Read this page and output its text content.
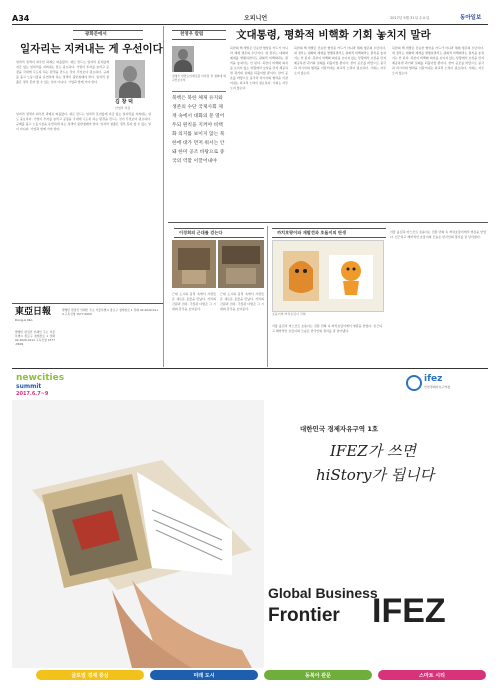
A34	오피니언	2017년 5월 31일 수요일	동아일보
광화문에서
일자리는 지켜내는 게 우선이다
일자리 정책이 최우선 과제로 떠올랐다. 새로 만드는 일자리 못지않게 지금 있는 일자리를 지켜내는 일도 중요하다. 기업이 투자를 늘리고 공장을 국내에 두도록 하는 환경을 만드는 것이 무엇보다 필요하다. 규제를 풀고 노동시장을 유연하게 하는 정책이 뒷받침돼야 한다. 일자리 창출은 정부 혼자 할 수 있는 일이 아니다. 기업과 함께 가야 한다.
김 창 덕
산업부 차장
일자리 정책이 최우선 과제로 떠올랐다. 새로 만드는 일자리 못지않게 지금 있는 일자리를 지켜내는 일도 중요하다. 기업이 투자를 늘리고 공장을 국내에 두도록 하는 환경을 만드는 것이 무엇보다 필요하다. 규제를 풀고 노동시장을 유연하게 하는 정책이 뒷받침돼야 한다. 일자리 창출은 정부 혼자 할 수 있는 일이 아니다. 기업과 함께 가야 한다.
東亞日報
Dong-A Ilbo
발행인 편집인 인쇄인 주소 서울특별시 종로구 청계천로 1 전화 02-2020-0114 구독신청 1577-0609
발행인 편집인 인쇄인 주소 서울특별시 종로구 청계천로 1 전화 02-2020-0114 구독신청 1577-0609
천영우 칼럼	文대통령, 평화적 비핵화 기회 놓치지 말라
천영우 한반도미래포럼 이사장 전 청와대 외교안보수석
북한의 핵 개발은 단순한 협상용 카드가 아니라 체제 생존의 수단이다. 새 정부는 대화와 제재를 병행하면서도 평화적 비핵화라는 원칙을 놓쳐서는 안 된다. 북한이 비핵화 의지를 보이지 않는 상황에서 보상을 먼저 제공하면 과거의 실패를 되풀이할 뿐이다. 한미 공조를 바탕으로 중국과 러시아의 협력을 이끌어내는 외교적 노력이 필요하다. 기회는 자주 오지 않는다.
북핵은 북한 체제 유지와 생존의 수단 국제사회 제재 속에서 대화의 문 열어두되 원칙을 지켜야 비핵화 의지를 보이지 않는 북한에 대가 먼저 줘서는 안 돼 한미 공조 바탕으로 중국의 역할 이끌어내야
북한의 핵 개발은 단순한 협상용 카드가 아니라 체제 생존의 수단이다. 새 정부는 대화와 제재를 병행하면서도 평화적 비핵화라는 원칙을 놓쳐서는 안 된다. 북한이 비핵화 의지를 보이지 않는 상황에서 보상을 먼저 제공하면 과거의 실패를 되풀이할 뿐이다. 한미 공조를 바탕으로 중국과 러시아의 협력을 이끌어내는 외교적 노력이 필요하다. 기회는 자주 오지 않는다.
북한의 핵 개발은 단순한 협상용 카드가 아니라 체제 생존의 수단이다. 새 정부는 대화와 제재를 병행하면서도 평화적 비핵화라는 원칙을 놓쳐서는 안 된다. 북한이 비핵화 의지를 보이지 않는 상황에서 보상을 먼저 제공하면 과거의 실패를 되풀이할 뿐이다. 한미 공조를 바탕으로 중국과 러시아의 협력을 이끌어내는 외교적 노력이 필요하다. 기회는 자주 오지 않는다.
이경희의 근대를 걷는다
근대 도시의 풍경 속에서 사람들은 새로운 문물을 만났다. 거리의 간판과 전차, 극장과 다방은 그 시대의 감각을 보여준다.
근대 도시의 풍경 속에서 사람들은 새로운 문물을 만났다. 거리의 간판과 전차, 극장과 다방은 그 시대의 감각을 보여준다.
까치호랑이와 재발견과 호돌이의 탄생
호돌이와 까치호랑이 민화
서울 올림픽 마스코트 호돌이는 전통 민화 속 까치호랑이에서 영감을 얻었다. 친근하고 해학적인 호랑이의 모습은 한국인의 정서를 잘 담아냈다.
서울 올림픽 마스코트 호돌이는 전통 민화 속 까치호랑이에서 영감을 얻었다. 친근하고 해학적인 호랑이의 모습은 한국인의 정서를 잘 담아냈다.
newcities
summit
2017.6.7~9
ifez
인천경제자유구역청
대한민국 경제자유구역 1호
IFEZ가 쓰면
hiStory가 됩니다
Global Business
Frontier IFEZ
글로벌 경제 중심	미래 도시	동북아 관문	스마트 시티
